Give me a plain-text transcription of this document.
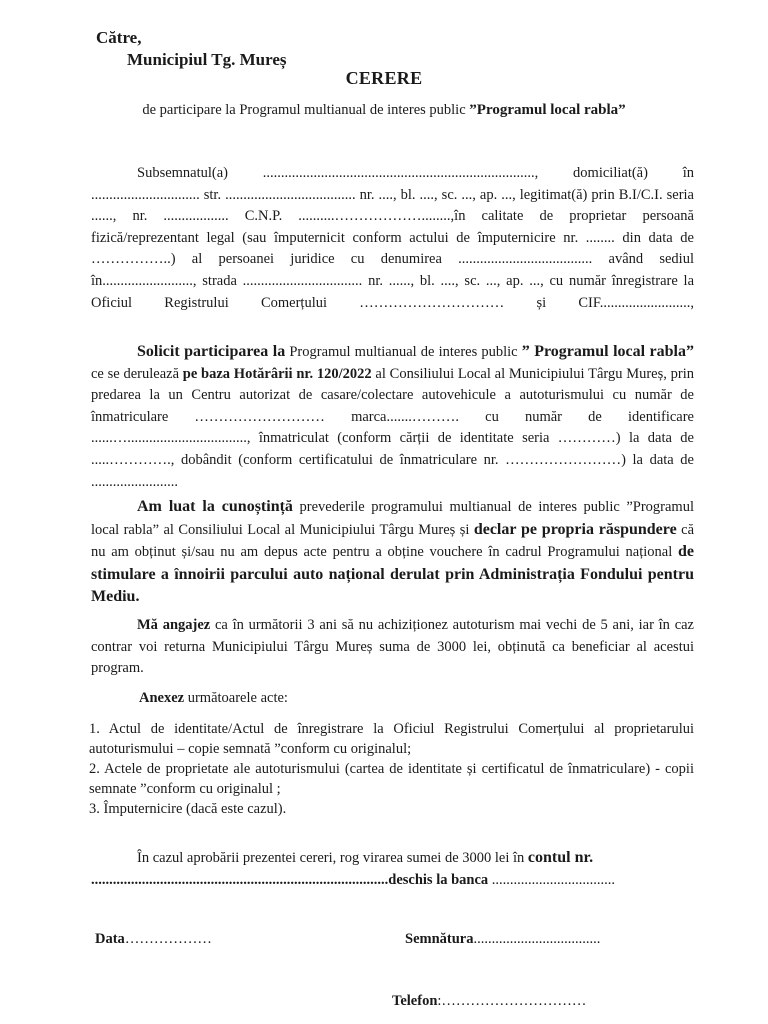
Către,
Municipiul Tg. Mureș
CERERE
de participare la Programul multianual de interes public ”Programul local rabla”
Subsemnatul(a) ..........................................................................., domiciliat(ă) în .............................. str. .................................... nr. ...., bl. ...., sc. ..., ap. ..., legitimat(ă) prin B.I/C.I. seria ......, nr. .................. C.N.P. ..........………………........,în calitate de proprietar persoană fizică/reprezentant legal (sau împuternicit conform actului de împuternicire nr. ........ din data de ……………..) al persoanei juridice cu denumirea ..................................... având sediul în........................., strada ................................. nr. ......, bl. ...., sc. ..., ap. ..., cu număr înregistrare la Oficiul Registrului Comerțului ………………………… și CIF.........................,
Solicit participarea la Programul multianual de interes public ” Programul local rabla” ce se derulează pe baza Hotărârii nr. 120/2022 al Consiliului Local al Municipiului Târgu Mureș, prin predarea la un Centru autorizat de casare/colectare autovehicule a autoturismului cu număr de înmatriculare ……………………… marca.......………. cu număr de identificare ......…................................., înmatriculat (conform cărții de identitate seria …………) la data de .....…………., dobândit (conform certificatului de înmatriculare nr. ……………………) la data de ........................
Am luat la cunoștință prevederile programului multianual de interes public ”Programul local rabla” al Consiliului Local al Municipiului Târgu Mureș și declar pe propria răspundere că nu am obținut și/sau nu am depus acte pentru a obține vouchere în cadrul Programului național de stimulare a înnoirii parcului auto național derulat prin Administrația Fondului pentru Mediu.
Mă angajez ca în următorii 3 ani să nu achiziționez autoturism mai vechi de 5 ani, iar în caz contrar voi returna Municipiului Târgu Mureș suma de 3000 lei, obținută ca beneficiar al acestui program.
Anexez următoarele acte:
1. Actul de identitate/Actul de înregistrare la Oficiul Registrului Comerțului al proprietarului autoturismului – copie semnată ”conform cu originalul;
2. Actele de proprietate ale autoturismului (cartea de identitate și certificatul de înmatriculare) - copii semnate ”conform cu originalul ;
3. Împuternicire (dacă este cazul).
În cazul aprobării prezentei cereri, rog virarea sumei de 3000 lei în contul nr.
..................................................................................deschis la banca ..................................
Data………………	Semnătura...................................
Telefon:…………………………
